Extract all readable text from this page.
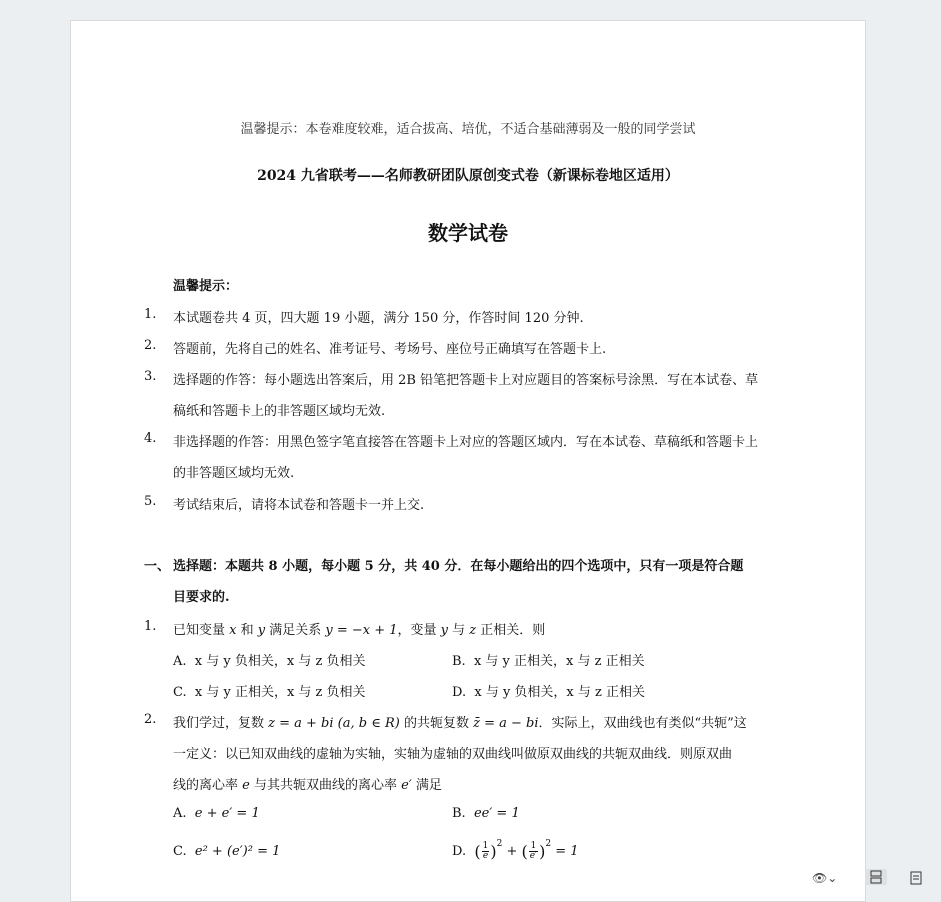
温馨提示：本卷难度较难，适合拔高、培优，不适合基础薄弱及一般的同学尝试
2024 九省联考——名师教研团队原创变式卷（新课标卷地区适用）
数学试卷
温馨提示：
1. 本试题卷共 4 页，四大题 19 小题，满分 150 分，作答时间 120 分钟.
2. 答题前，先将自己的姓名、准考证号、考场号、座位号正确填写在答题卡上.
3. 选择题的作答：每小题选出答案后，用 2B 铅笔把答题卡上对应题目的答案标号涂黑．写在本试卷、草
稿纸和答题卡上的非答题区域均无效.
4. 非选择题的作答：用黑色签字笔直接答在答题卡上对应的答题区域内．写在本试卷、草稿纸和答题卡上
的非答题区域均无效.
5. 考试结束后，请将本试卷和答题卡一并上交.
一、 选择题：本题共 8 小题，每小题 5 分，共 40 分．在每小题给出的四个选项中，只有一项是符合题
目要求的.
1. 已知变量 x 和 y 满足关系 y = −x + 1，变量 y 与 z 正相关．则
A. x 与 y 负相关，x 与 z 负相关	B. x 与 y 正相关，x 与 z 正相关
C. x 与 y 正相关，x 与 z 负相关	D. x 与 y 负相关，x 与 z 正相关
2. 我们学过，复数 z = a + bi (a, b ∈ R) 的共轭复数 z̄ = a − bi．实际上，双曲线也有类似“共轭”这
一定义：以已知双曲线的虚轴为实轴，实轴为虚轴的双曲线叫做原双曲线的共轭双曲线．则原双曲
线的离心率 e 与其共轭双曲线的离心率 e′ 满足
A. e + e′ = 1	B. ee′ = 1
C. e² + (e′)² = 1	D. ( $\frac{1}{e} )^2$ + ( $\frac{1}{e'} )^2 = 1$
👁⌄
